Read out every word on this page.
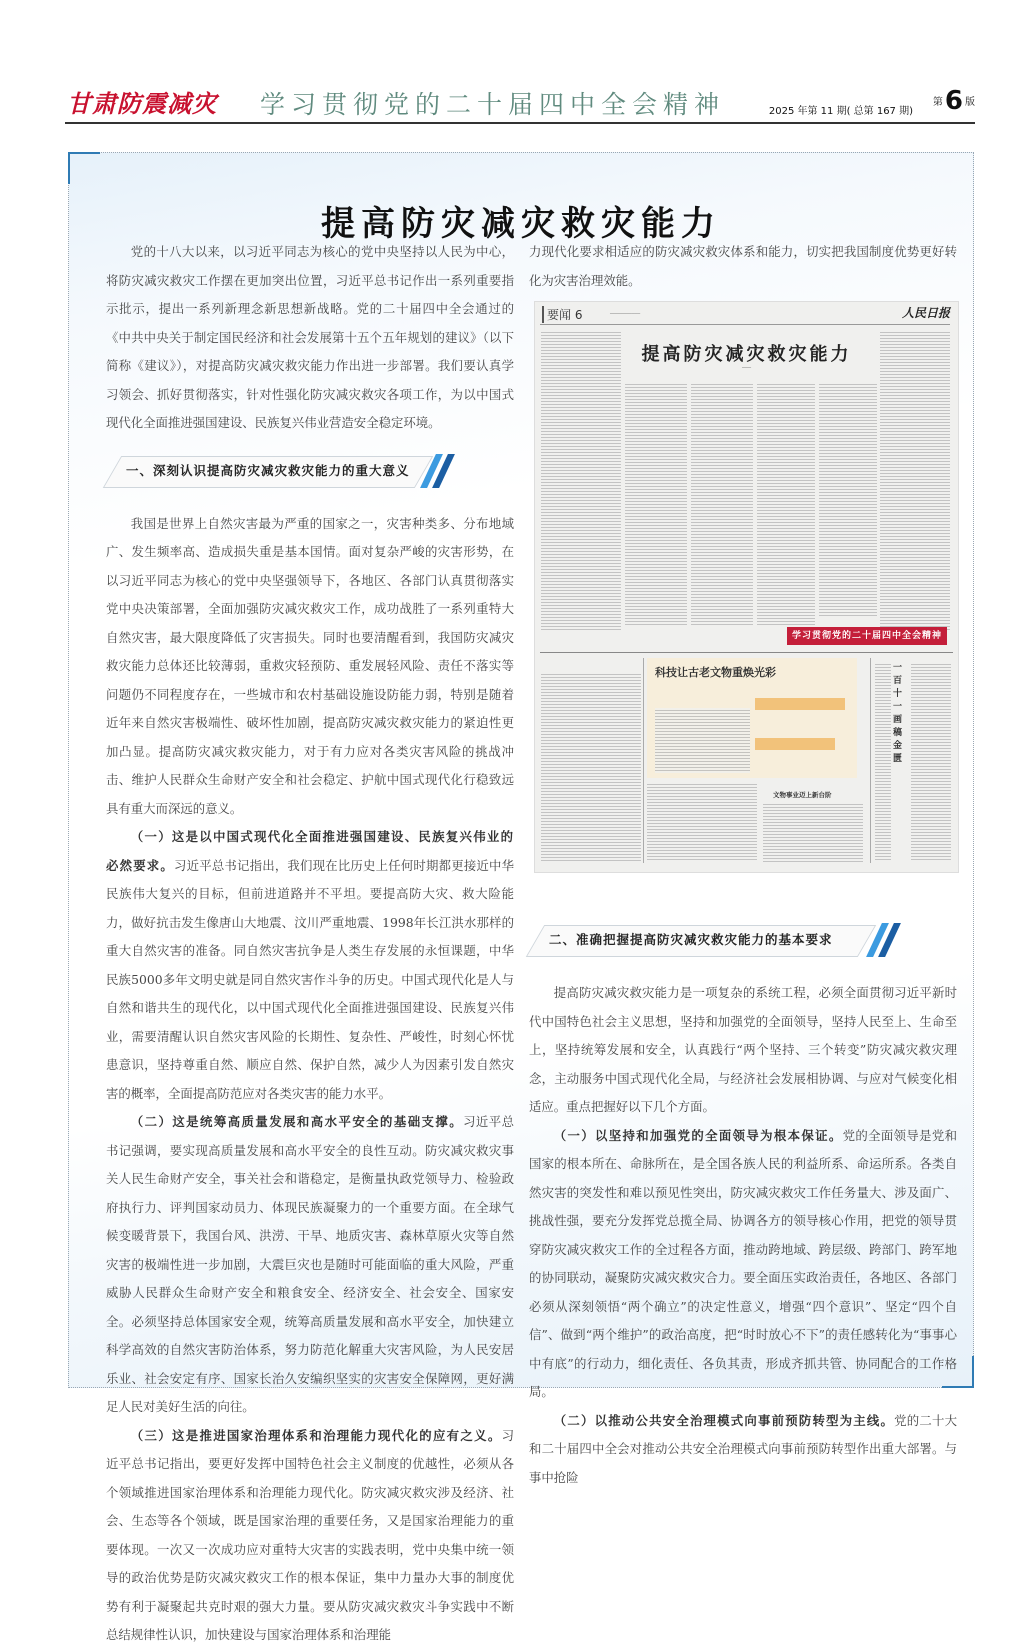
甘肃防震减灾 学习贯彻党的二十届四中全会精神	2025 年第 11 期( 总第 167 期)
第6 版
提高防灾减灾救灾能力

党的十八大以来，以习近平同志为核心的党中央坚持以人民为中心，将防灾减灾救灾工作摆在更加突出位置，习近平总书记作出一系列重要指示批示，提出一系列新理念新思想新战略。党的二十届四中全会通过的《中共中央关于制定国民经济和社会发展第十五个五年规划的建议》（以下简称《建议》），对提高防灾减灾救灾能力作出进一步部署。我们要认真学习领会、抓好贯彻落实，针对性强化防灾减灾救灾各项工作，为以中国式现代化全面推进强国建设、民族复兴伟业营造安全稳定环境。

一、深刻认识提高防灾减灾救灾能力的重大意义

我国是世界上自然灾害最为严重的国家之一，灾害种类多、分布地域广、发生频率高、造成损失重是基本国情。面对复杂严峻的灾害形势，在以习近平同志为核心的党中央坚强领导下，各地区、各部门认真贯彻落实党中央决策部署，全面加强防灾减灾救灾工作，成功战胜了一系列重特大自然灾害，最大限度降低了灾害损失。同时也要清醒看到，我国防灾减灾救灾能力总体还比较薄弱，重救灾轻预防、重发展轻风险、责任不落实等问题仍不同程度存在，一些城市和农村基础设施设防能力弱，特别是随着近年来自然灾害极端性、破坏性加剧，提高防灾减灾救灾能力的紧迫性更加凸显。提高防灾减灾救灾能力，对于有力应对各类灾害风险的挑战冲击、维护人民群众生命财产安全和社会稳定、护航中国式现代化行稳致远具有重大而深远的意义。

（一）这是以中国式现代化全面推进强国建设、民族复兴伟业的必然要求。习近平总书记指出，我们现在比历史上任何时期都更接近中华民族伟大复兴的目标，但前进道路并不平坦。要提高防大灾、救大险能力，做好抗击发生像唐山大地震、汶川严重地震、1998年长江洪水那样的重大自然灾害的准备。同自然灾害抗争是人类生存发展的永恒课题，中华民族5000多年文明史就是同自然灾害作斗争的历史。中国式现代化是人与自然和谐共生的现代化，以中国式现代化全面推进强国建设、民族复兴伟业，需要清醒认识自然灾害风险的长期性、复杂性、严峻性，时刻心怀忧患意识，坚持尊重自然、顺应自然、保护自然，减少人为因素引发自然灾害的概率，全面提高防范应对各类灾害的能力水平。

（二）这是统筹高质量发展和高水平安全的基础支撑。习近平总书记强调，要实现高质量发展和高水平安全的良性互动。防灾减灾救灾事关人民生命财产安全，事关社会和谐稳定，是衡量执政党领导力、检验政府执行力、评判国家动员力、体现民族凝聚力的一个重要方面。在全球气候变暖背景下，我国台风、洪涝、干旱、地质灾害、森林草原火灾等自然灾害的极端性进一步加剧，大震巨灾也是随时可能面临的重大风险，严重威胁人民群众生命财产安全和粮食安全、经济安全、社会安全、国家安全。必须坚持总体国家安全观，统筹高质量发展和高水平安全，加快建立科学高效的自然灾害防治体系，努力防范化解重大灾害风险，为人民安居乐业、社会安定有序、国家长治久安编织坚实的灾害安全保障网，更好满足人民对美好生活的向往。

（三）这是推进国家治理体系和治理能力现代化的应有之义。习近平总书记指出，要更好发挥中国特色社会主义制度的优越性，必须从各个领域推进国家治理体系和治理能力现代化。防灾减灾救灾涉及经济、社会、生态等各个领域，既是国家治理的重要任务，又是国家治理能力的重要体现。一次又一次成功应对重特大灾害的实践表明，党中央集中统一领导的政治优势是防灾减灾救灾工作的根本保证，集中力量办大事的制度优势有利于凝聚起共克时艰的强大力量。要从防灾减灾救灾斗争实践中不断总结规律性认识，加快建设与国家治理体系和治理能

力现代化要求相适应的防灾减灾救灾体系和能力，切实把我国制度优势更好转化为灾害治理效能。

要闻 6	──────────	人民日报
提高防灾减灾救灾能力
───
学习贯彻党的二十届四中全会精神
科技让古老文物重焕光彩
文物事业迈上新台阶
一百十一画稿金匮
二、准确把握提高防灾减灾救灾能力的基本要求

提高防灾减灾救灾能力是一项复杂的系统工程，必须全面贯彻习近平新时代中国特色社会主义思想，坚持和加强党的全面领导，坚持人民至上、生命至上，坚持统筹发展和安全，认真践行“两个坚持、三个转变”防灾减灾救灾理念，主动服务中国式现代化全局，与经济社会发展相协调、与应对气候变化相适应。重点把握好以下几个方面。

（一）以坚持和加强党的全面领导为根本保证。党的全面领导是党和国家的根本所在、命脉所在，是全国各族人民的利益所系、命运所系。各类自然灾害的突发性和难以预见性突出，防灾减灾救灾工作任务量大、涉及面广、挑战性强，要充分发挥党总揽全局、协调各方的领导核心作用，把党的领导贯穿防灾减灾救灾工作的全过程各方面，推动跨地域、跨层级、跨部门、跨军地的协同联动，凝聚防灾减灾救灾合力。要全面压实政治责任，各地区、各部门必须从深刻领悟“两个确立”的决定性意义，增强“四个意识”、坚定“四个自信”、做到“两个维护”的政治高度，把“时时放心不下”的责任感转化为“事事心中有底”的行动力，细化责任、各负其责，形成齐抓共管、协同配合的工作格局。

（二）以推动公共安全治理模式向事前预防转型为主线。党的二十大和二十届四中全会对推动公共安全治理模式向事前预防转型作出重大部署。与事中抢险
